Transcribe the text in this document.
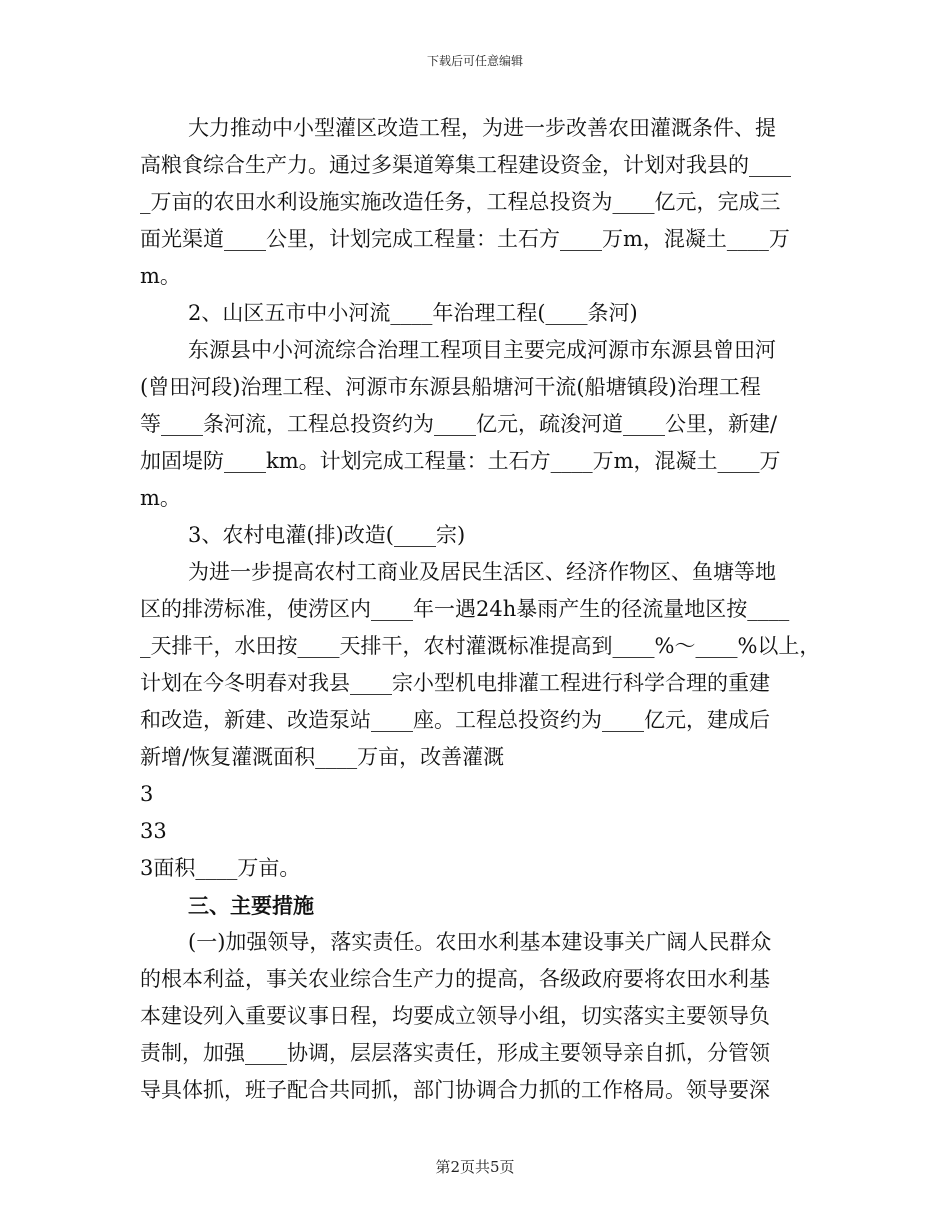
下载后可任意编辑
大力推动中小型灌区改造工程，为进一步改善农田灌溉条件、提
高粮食综合生产力。通过多渠道筹集工程建设资金，计划对我县的____
_万亩的农田水利设施实施改造任务，工程总投资为____亿元，完成三
面光渠道____公里，计划完成工程量：土石方____万m，混凝土____万
m。
2、山区五市中小河流____年治理工程(____条河)
东源县中小河流综合治理工程项目主要完成河源市东源县曾田河
(曾田河段)治理工程、河源市东源县船塘河干流(船塘镇段)治理工程
等____条河流，工程总投资约为____亿元，疏浚河道____公里，新建/
加固堤防____km。计划完成工程量：土石方____万m，混凝土____万
m。
3、农村电灌(排)改造(____宗)
为进一步提高农村工商业及居民生活区、经济作物区、鱼塘等地
区的排涝标准，使涝区内____年一遇24h暴雨产生的径流量地区按____
_天排干，水田按____天排干，农村灌溉标准提高到____%～____%以上，
计划在今冬明春对我县____宗小型机电排灌工程进行科学合理的重建
和改造，新建、改造泵站____座。工程总投资约为____亿元，建成后
新增/恢复灌溉面积____万亩，改善灌溉
3
33
3面积____万亩。
三、主要措施
(一)加强领导，落实责任。农田水利基本建设事关广阔人民群众
的根本利益，事关农业综合生产力的提高，各级政府要将农田水利基
本建设列入重要议事日程，均要成立领导小组，切实落实主要领导负
责制，加强____协调，层层落实责任，形成主要领导亲自抓，分管领
导具体抓，班子配合共同抓，部门协调合力抓的工作格局。领导要深
第2页共5页
